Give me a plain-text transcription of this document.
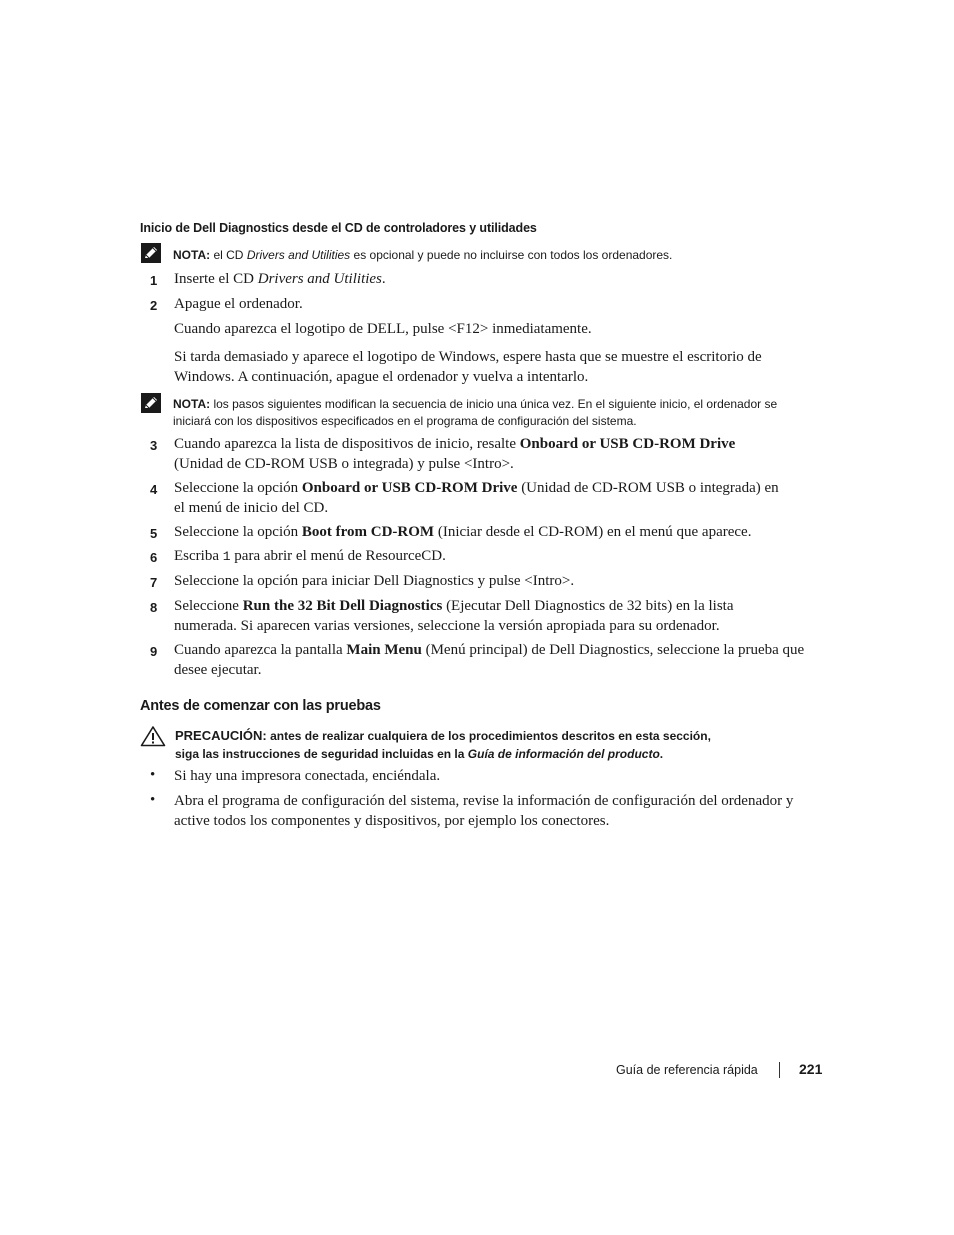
Inicio de Dell Diagnostics desde el CD de controladores y utilidades
NOTA: el CD Drivers and Utilities es opcional y puede no incluirse con todos los ordenadores.
1	Inserte el CD Drivers and Utilities.
2	Apague el ordenador.
Cuando aparezca el logotipo de DELL, pulse <F12> inmediatamente.
Si tarda demasiado y aparece el logotipo de Windows, espere hasta que se muestre el escritorio de Windows. A continuación, apague el ordenador y vuelva a intentarlo.
NOTA: los pasos siguientes modifican la secuencia de inicio una única vez. En el siguiente inicio, el ordenador se iniciará con los dispositivos especificados en el programa de configuración del sistema.
3	Cuando aparezca la lista de dispositivos de inicio, resalte Onboard or USB CD-ROM Drive (Unidad de CD-ROM USB o integrada) y pulse <Intro>.
4	Seleccione la opción Onboard or USB CD-ROM Drive (Unidad de CD-ROM USB o integrada) en el menú de inicio del CD.
5	Seleccione la opción Boot from CD-ROM (Iniciar desde el CD-ROM) en el menú que aparece.
6	Escriba 1 para abrir el menú de ResourceCD.
7	Seleccione la opción para iniciar Dell Diagnostics y pulse <Intro>.
8	Seleccione Run the 32 Bit Dell Diagnostics (Ejecutar Dell Diagnostics de 32 bits) en la lista numerada. Si aparecen varias versiones, seleccione la versión apropiada para su ordenador.
9	Cuando aparezca la pantalla Main Menu (Menú principal) de Dell Diagnostics, seleccione la prueba que desee ejecutar.
Antes de comenzar con las pruebas
PRECAUCIÓN: antes de realizar cualquiera de los procedimientos descritos en esta sección,
siga las instrucciones de seguridad incluidas en la Guía de información del producto.
• Si hay una impresora conectada, enciéndala.
• Abra el programa de configuración del sistema, revise la información de configuración del ordenador y active todos los componentes y dispositivos, por ejemplo los conectores.
Guía de referencia rápida	221
